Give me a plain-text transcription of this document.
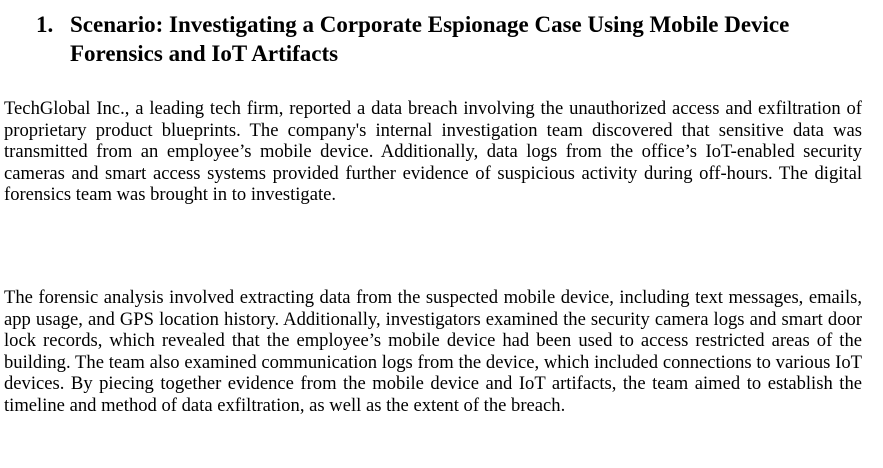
1. Scenario: Investigating a Corporate Espionage Case Using Mobile Device Forensics and IoT Artifacts

TechGlobal Inc., a leading tech firm, reported a data breach involving the unauthorized access and exfiltration of proprietary product blueprints. The company's internal investigation team discovered that sensitive data was transmitted from an employee’s mobile device. Additionally, data logs from the office’s IoT-enabled security cameras and smart access systems provided further evidence of suspicious activity during off-hours. The digital forensics team was brought in to investigate.

The forensic analysis involved extracting data from the suspected mobile device, including text messages, emails, app usage, and GPS location history. Additionally, investigators examined the security camera logs and smart door lock records, which revealed that the employee’s mobile device had been used to access restricted areas of the building. The team also examined communication logs from the device, which included connections to various IoT devices. By piecing together evidence from the mobile device and IoT artifacts, the team aimed to establish the timeline and method of data exfiltration, as well as the extent of the breach.
